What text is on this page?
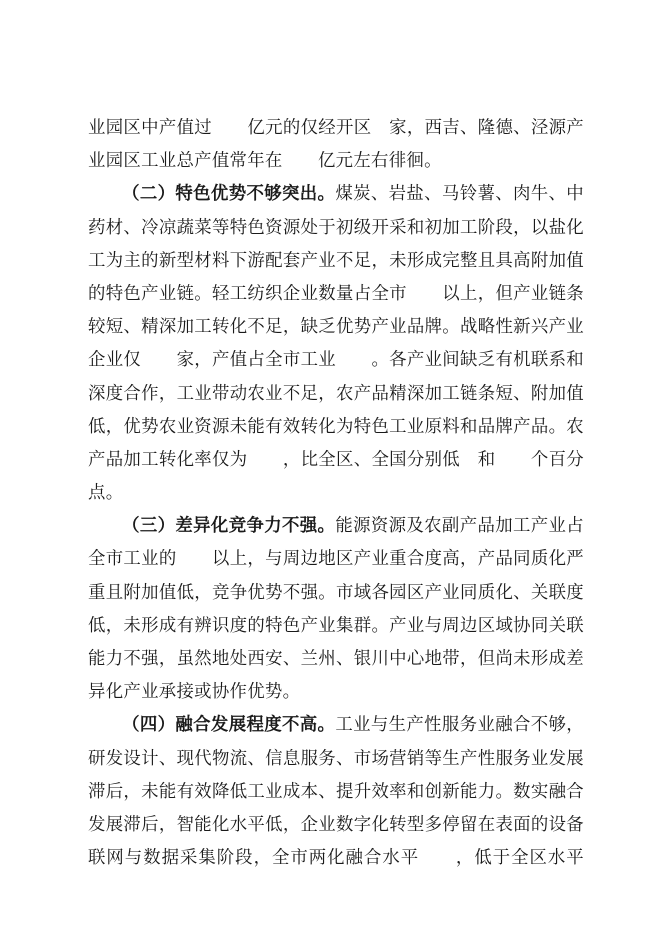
业园区中产值过　　亿元的仅经开区　家，西吉、隆德、泾源产
业园区工业总产值常年在　　亿元左右徘徊。
（二）特色优势不够突出。煤炭、岩盐、马铃薯、肉牛、中
药材、冷凉蔬菜等特色资源处于初级开采和初加工阶段，以盐化
工为主的新型材料下游配套产业不足，未形成完整且具高附加值
的特色产业链。轻工纺织企业数量占全市　　以上，但产业链条
较短、精深加工转化不足，缺乏优势产业品牌。战略性新兴产业
企业仅　　家，产值占全市工业　　。各产业间缺乏有机联系和
深度合作，工业带动农业不足，农产品精深加工链条短、附加值
低，优势农业资源未能有效转化为特色工业原料和品牌产品。农
产品加工转化率仅为　　，比全区、全国分别低　和　　个百分
点。
（三）差异化竞争力不强。能源资源及农副产品加工产业占
全市工业的　　以上，与周边地区产业重合度高，产品同质化严
重且附加值低，竞争优势不强。市域各园区产业同质化、关联度
低，未形成有辨识度的特色产业集群。产业与周边区域协同关联
能力不强，虽然地处西安、兰州、银川中心地带，但尚未形成差
异化产业承接或协作优势。
（四）融合发展程度不高。工业与生产性服务业融合不够，
研发设计、现代物流、信息服务、市场营销等生产性服务业发展
滞后，未能有效降低工业成本、提升效率和创新能力。数实融合
发展滞后，智能化水平低，企业数字化转型多停留在表面的设备
联网与数据采集阶段，全市两化融合水平　　，低于全区水平
